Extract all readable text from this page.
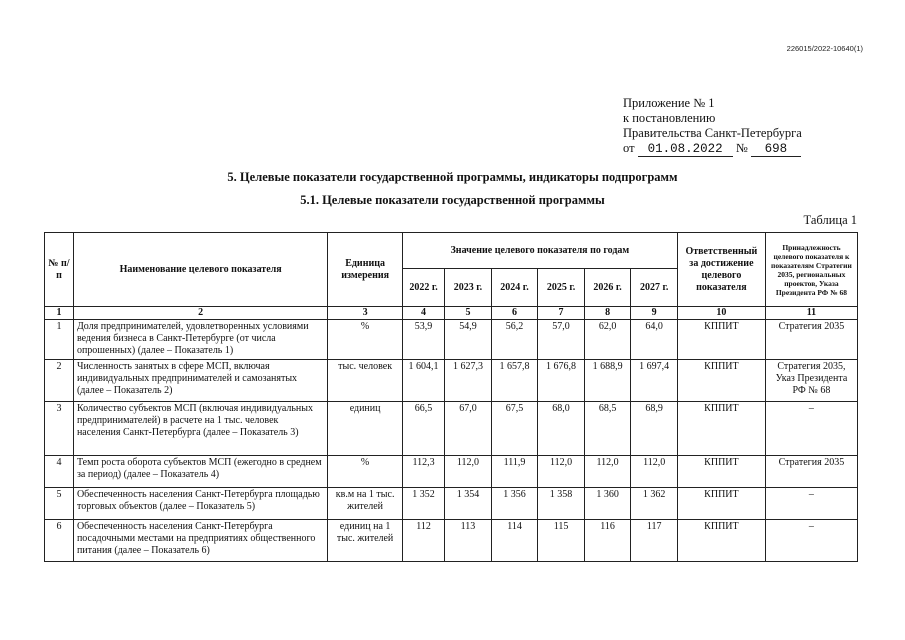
226015/2022-10640(1)
Приложение № 1
к постановлению
Правительства Санкт-Петербурга
от 01.08.2022 № 698
5. Целевые показатели государственной программы, индикаторы подпрограмм
5.1. Целевые показатели государственной программы
Таблица 1
№ п/п	Наименование целевого показателя	Единица измерения	Значение целевого показателя по годам						Ответственный за достижение целевого показателя	Принадлежность целевого показателя к показателям Стратегии 2035, региональных проектов, Указа Президента РФ № 68
			2022 г.	2023 г.	2024 г.	2025 г.	2026 г.	2027 г.		
1	2	3	4	5	6	7	8	9	10	11
1	Доля предпринимателей, удовлетворенных условиями ведения бизнеса в Санкт-Петербурге (от числа опрошенных) (далее – Показатель 1)	%	53,9	54,9	56,2	57,0	62,0	64,0	КППИТ	Стратегия 2035
2	Численность занятых в сфере МСП, включая индивидуальных предпринимателей и самозанятых (далее – Показатель 2)	тыс. человек	1 604,1	1 627,3	1 657,8	1 676,8	1 688,9	1 697,4	КППИТ	Стратегия 2035, Указ Президента РФ № 68
3	Количество субъектов МСП (включая индивидуальных предпринимателей) в расчете на 1 тыс. человек населения Санкт-Петербурга (далее – Показатель 3)	единиц	66,5	67,0	67,5	68,0	68,5	68,9	КППИТ	–
4	Темп роста оборота субъектов МСП (ежегодно в среднем за период) (далее – Показатель 4)	%	112,3	112,0	111,9	112,0	112,0	112,0	КППИТ	Стратегия 2035
5	Обеспеченность населения Санкт-Петербурга площадью торговых объектов (далее – Показатель 5)	кв.м на 1 тыс. жителей	1 352	1 354	1 356	1 358	1 360	1 362	КППИТ	–
6	Обеспеченность населения Санкт-Петербурга посадочными местами на предприятиях общественного питания (далее – Показатель 6)	единиц на 1 тыс. жителей	112	113	114	115	116	117	КППИТ	–
